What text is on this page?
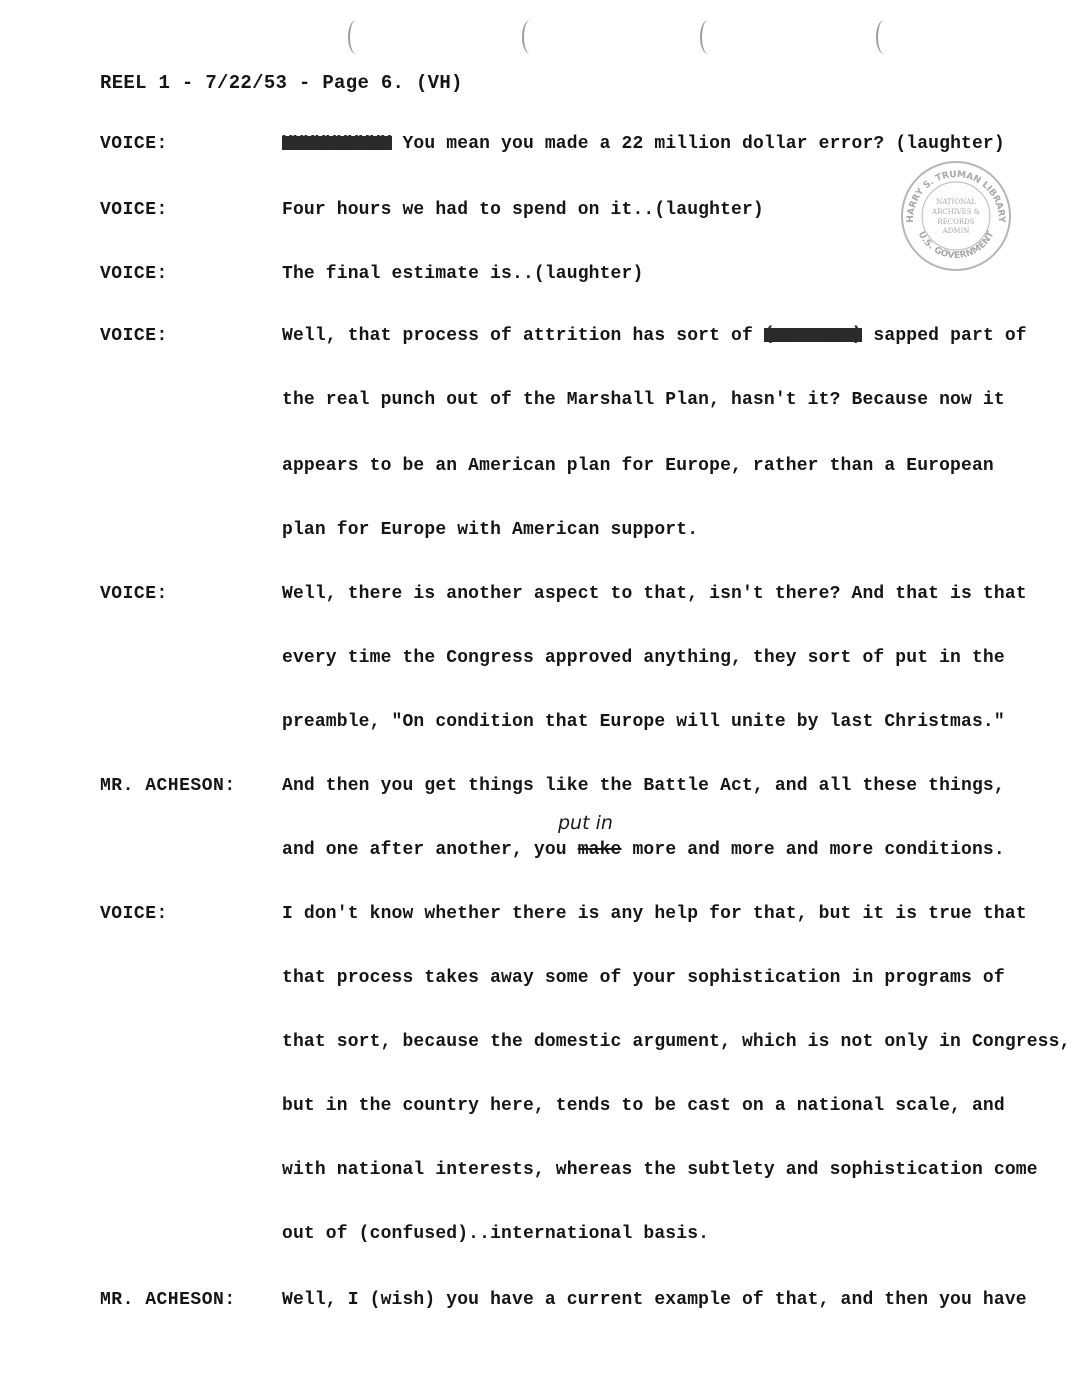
REEL 1 - 7/22/53 - Page 6. (VH)
HARRY S. TRUMAN LIBRARY
U.S. GOVERNMENT
NATIONAL
ARCHIVES &
RECORDS
ADMIN
VOICE:	XXXXXXXXXX You mean you made a 22 million dollar error? (laughter)
VOICE:	Four hours we had to spend on it..(laughter)
VOICE:	The final estimate is..(laughter)
VOICE:	Well, that process of attrition has sort of (xxxxxxx) sapped part of
the real punch out of the Marshall Plan, hasn't it? Because now it
appears to be an American plan for Europe, rather than a European
plan for Europe with American support.
VOICE:	Well, there is another aspect to that, isn't there? And that is that
every time the Congress approved anything, they sort of put in the
preamble, "On condition that Europe will unite by last Christmas."
MR. ACHESON:	And then you get things like the Battle Act, and all these things,
put in
and one after another, you make more and more and more conditions.
VOICE:	I don't know whether there is any help for that, but it is true that
that process takes away some of your sophistication in programs of
that sort, because the domestic argument, which is not only in Congress,
but in the country here, tends to be cast on a national scale, and
with national interests, whereas the subtlety and sophistication come
out of (confused)..international basis.
MR. ACHESON:	Well, I (wish) you have a current example of that, and then you have
